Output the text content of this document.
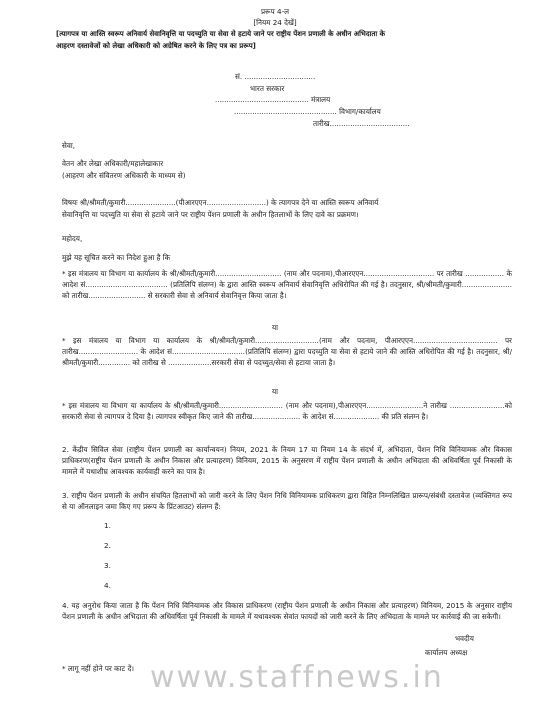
प्ररूप 4-ल
[नियम 24 देखें]
[त्यागपत्र या आस्ति स्वरूप अनिवार्य सेवानिवृत्ति या पदच्युति या सेवा से हटाये जाने पर राष्ट्रीय पेंशन प्रणाली के अधीन अभिदाता के
आहरण दस्तावेजों को लेखा अधिकारी को अग्रेषित करने के लिए पत्र का प्ररूप]
सं. ...............................
भारत सरकार
......................................... मंत्रालय
............................................. विभाग/कार्यालय
तारीख...................................
सेवा,
वेतन और लेखा अधिकारी/महालेखाकार
(आहरण और संवितरण अधिकारी के माध्यम से)
विषयः श्री/श्रीमती/कुमारी......................(पीआरएएन..........................) के त्यागपत्र देने या आस्ति स्वरूप अनिवार्य
सेवानिवृत्ति या पदच्युति या सेवा से हटाये जाने पर राष्ट्रीय पेंशन प्रणाली के अधीन हितलाभों के लिए दावे का प्रक्रमण।
महोदय,
मुझे यह सूचित करने का निदेश हुआ है कि
* इस मंत्रालय या विभाग या कार्यालय के श्री/श्रीमती/कुमारी............................. (नाम और पदनाम),पीआरएएन............................... पर तारीख ................. के आदेश सं.................................... (प्रतिलिपि संलग्न) के द्वारा आस्ति स्वरूप अनिवार्य सेवानिवृत्ति अधिरोपित की गई है। तदनुसार, श्री/श्रीमती/कुमारी...................... को तारीख......................... से सरकारी सेवा से अनिवार्य सेवानिवृत्त किया जाता है।
या
* इस मंत्रालय या विभाग या कार्यालय के श्री/श्रीमती/कुमारी............................(नाम और पदनाम, पीआरएएन..................................... पर तारीख.......................... के आदेश सं................................(प्रतिलिपि संलग्न) द्वारा पदच्युति या सेवा से हटाये जाने की आस्ति अधिरोपित की गई है। तदनुसार, श्री/श्रीमती/कुमारी.............. को तारीख से ...................सरकारी सेवा से पदच्युत/सेवा से हटाया जाता है।
या
* इस मंत्रालय या विभाग या कार्यालय के श्री/श्रीमती/कुमारी............................ (नाम और पदनाम),पीआरएएन.........................ने तारीख ........................को सरकारी सेवा से त्यागपत्र दे दिया है। त्यागपत्र स्वीकृत किए जाने की तारीख..................... के आदेश सं.................... की प्रति संलग्न है।
2. केंद्रीय सिविल सेवा (राष्ट्रीय पेंशन प्रणाली का कार्यान्वयन) नियम, 2021 के नियम 17 या नियम 14 के संदर्भ में, अभिदाता, पेंशन निधि विनियामक और विकास प्राधिकरण(राष्ट्रीय पेंशन प्रणाली के अधीन निकास और प्रत्याहरण) विनियम, 2015 के अनुसरण में राष्ट्रीय पेंशन प्रणाली के अधीन अभिदाता की अधिवर्षिता पूर्व निकासी के मामले में यथाशीघ्र आवश्यक कार्यवाही करने का पात्र है।
3. राष्ट्रीय पेंशन प्रणाली के अधीन संचयित हितलाभों को जारी करने के लिए पेंशन निधि विनियामक प्राधिकरण द्वारा विहित निम्नलिखित प्रारूप/संबंधी दस्तावेज (व्यक्तिगत रूप से या ऑनलाइन जमा किए गए प्ररूप के प्रिंटआउट) संलग्न हैं:
1.
2.
3.
4.
4. यह अनुरोध किया जाता है कि पेंशन निधि विनियामक और विकास प्राधिकरण (राष्ट्रीय पेंशन प्रणाली के अधीन निकास और प्रत्याहरण) विनियम, 2015 के अनुसार राष्ट्रीय पेंशन प्रणाली के अधीन अभिदाता की अधिवर्षिता पूर्व निकासी के मामले में यथावश्यक सेवांत फायदों को जारी करने के लिए अभिदाता के मामले पर कार्रवाई की जा सकेगी।
भवदीय
कार्यालय अध्यक्ष
* लागू नहीं होने पर काट दें। www.staffnews.in
